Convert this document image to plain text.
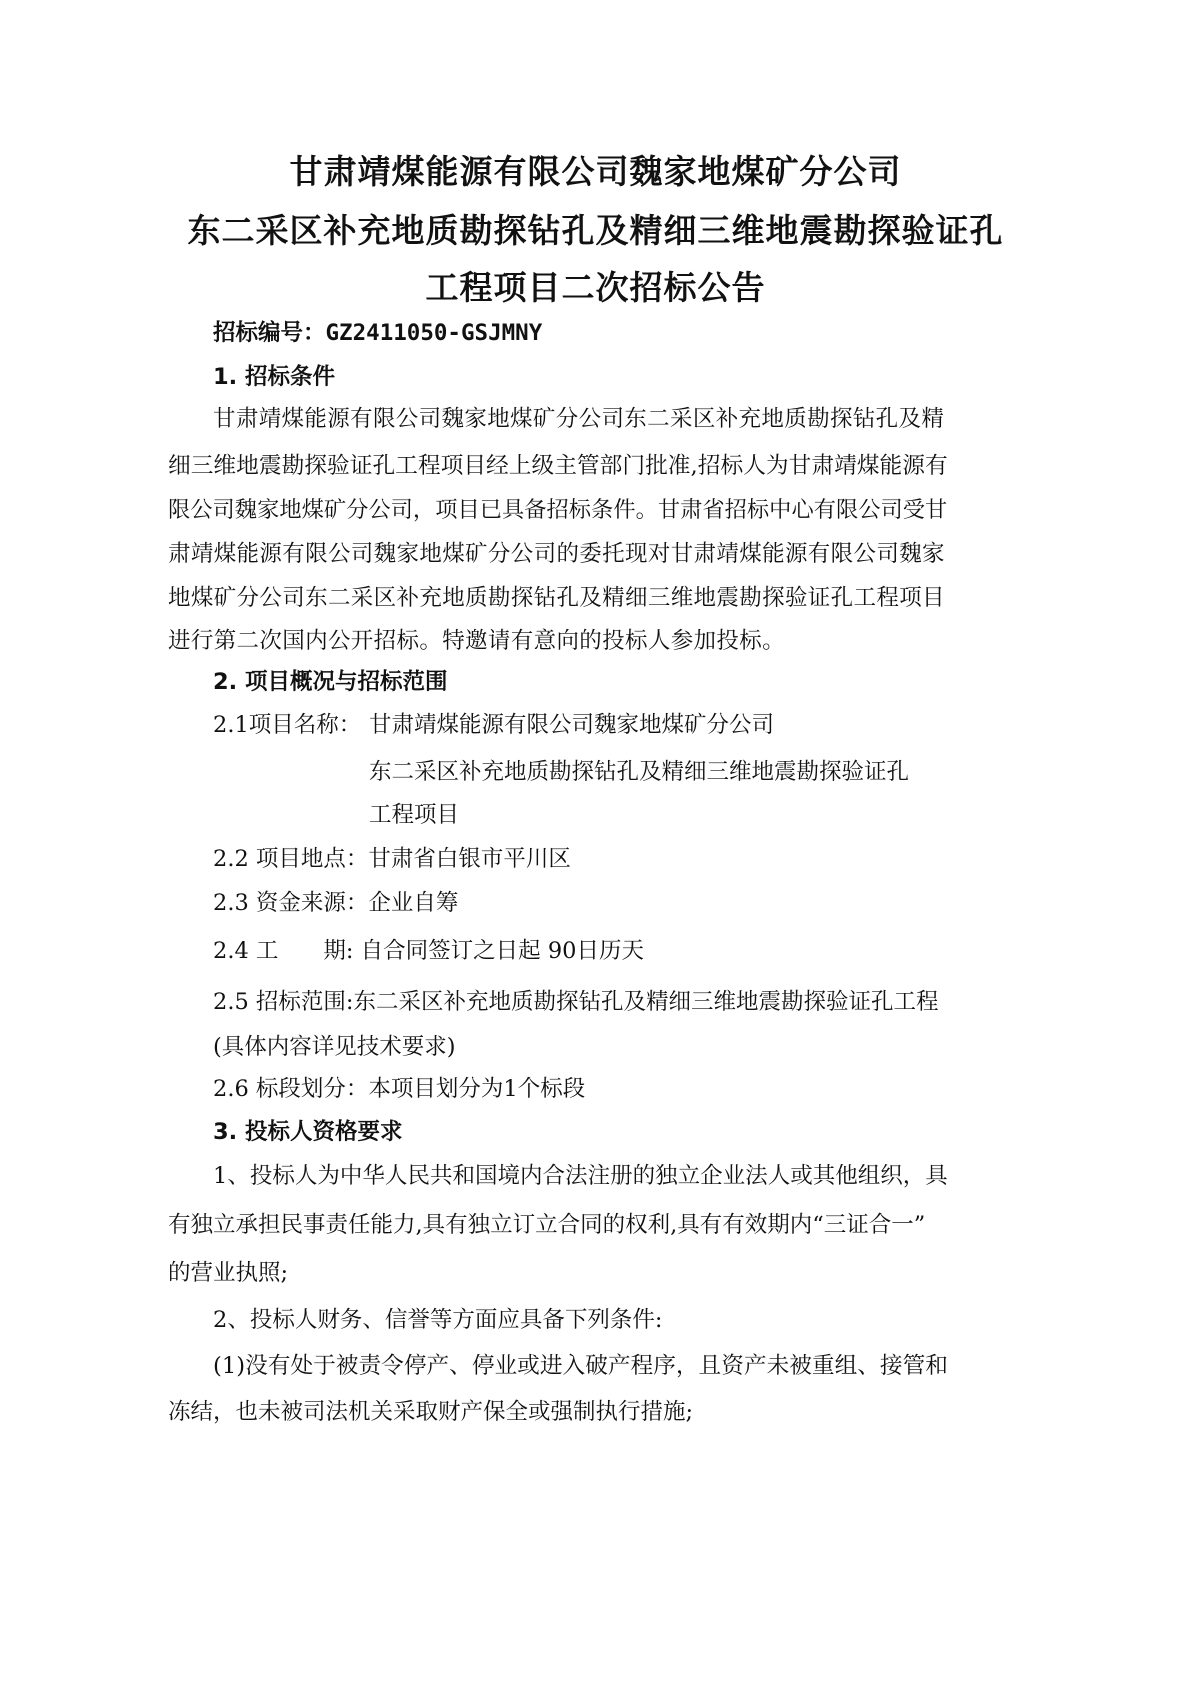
甘肃靖煤能源有限公司魏家地煤矿分公司
东二采区补充地质勘探钻孔及精细三维地震勘探验证孔
工程项目二次招标公告
招标编号：GZ2411050-GSJMNY
1. 招标条件
甘肃靖煤能源有限公司魏家地煤矿分公司东二采区补充地质勘探钻孔及精
细三维地震勘探验证孔工程项目经上级主管部门批准,招标人为甘肃靖煤能源有
限公司魏家地煤矿分公司，项目已具备招标条件。甘肃省招标中心有限公司受甘
肃靖煤能源有限公司魏家地煤矿分公司的委托现对甘肃靖煤能源有限公司魏家
地煤矿分公司东二采区补充地质勘探钻孔及精细三维地震勘探验证孔工程项目
进行第二次国内公开招标。特邀请有意向的投标人参加投标。
2. 项目概况与招标范围
2.1项目名称： 甘肃靖煤能源有限公司魏家地煤矿分公司
东二采区补充地质勘探钻孔及精细三维地震勘探验证孔
工程项目
2.2 项目地点：甘肃省白银市平川区
2.3 资金来源：企业自筹
2.4 工　　期: 自合同签订之日起 90日历天
2.5 招标范围:东二采区补充地质勘探钻孔及精细三维地震勘探验证孔工程
(具体内容详见技术要求)
2.6 标段划分：本项目划分为1个标段
3. 投标人资格要求
1、投标人为中华人民共和国境内合法注册的独立企业法人或其他组织，具
有独立承担民事责任能力,具有独立订立合同的权利,具有有效期内“三证合一”
的营业执照;
2、投标人财务、信誉等方面应具备下列条件:
(1)没有处于被责令停产、停业或进入破产程序，且资产未被重组、接管和
冻结，也未被司法机关采取财产保全或强制执行措施;
